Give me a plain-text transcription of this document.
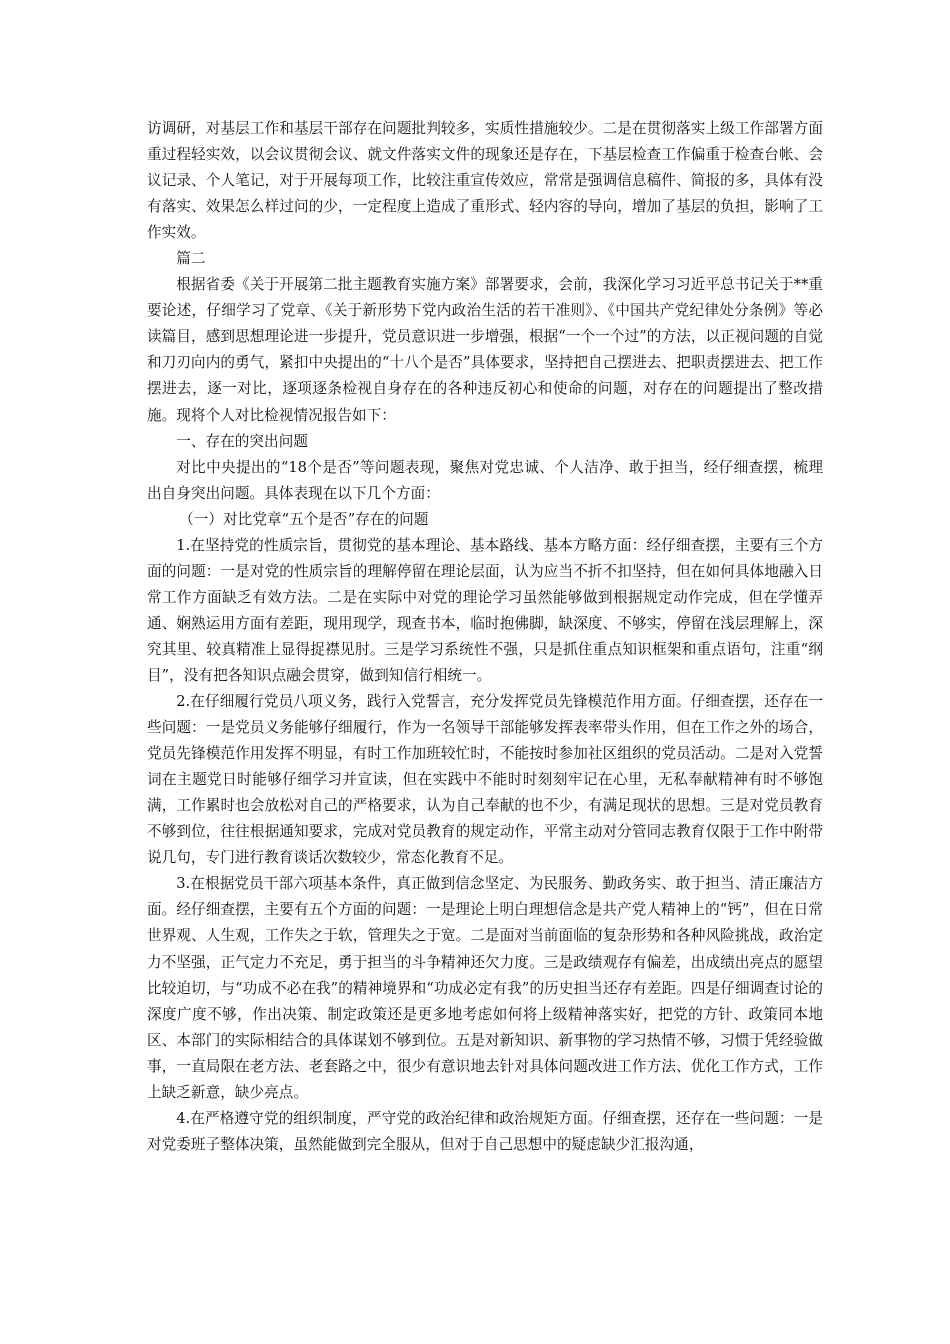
访调研，对基层工作和基层干部存在问题批判较多，实质性措施较少。二是在贯彻落实上级工作部署方面重过程轻实效，以会议贯彻会议、就文件落实文件的现象还是存在，下基层检查工作偏重于检查台帐、会议记录、个人笔记，对于开展每项工作，比较注重宣传效应，常常是强调信息稿件、简报的多，具体有没有落实、效果怎么样过问的少，一定程度上造成了重形式、轻内容的导向，增加了基层的负担，影响了工作实效。

篇二

根据省委《关于开展第二批主题教育实施方案》部署要求，会前，我深化学习习近平总书记关于**重要论述，仔细学习了党章、《关于新形势下党内政治生活的若干准则》、《中国共产党纪律处分条例》等必读篇目，感到思想理论进一步提升，党员意识进一步增强，根据“一个一个过”的方法，以正视问题的自觉和刀刃向内的勇气，紧扣中央提出的“十八个是否”具体要求，坚持把自己摆进去、把职责摆进去、把工作摆进去，逐一对比，逐项逐条检视自身存在的各种违反初心和使命的问题，对存在的问题提出了整改措施。现将个人对比检视情况报告如下：

一、存在的突出问题

对比中央提出的“18个是否”等问题表现，聚焦对党忠诚、个人洁净、敢于担当，经仔细查摆，梳理出自身突出问题。具体表现在以下几个方面：

（一）对比党章“五个是否”存在的问题

1.在坚持党的性质宗旨，贯彻党的基本理论、基本路线、基本方略方面：经仔细查摆，主要有三个方面的问题：一是对党的性质宗旨的理解停留在理论层面，认为应当不折不扣坚持，但在如何具体地融入日常工作方面缺乏有效方法。二是在实际中对党的理论学习虽然能够做到根据规定动作完成，但在学懂弄通、娴熟运用方面有差距，现用现学，现查书本，临时抱佛脚，缺深度、不够实，停留在浅层理解上，深究其里、较真精准上显得捉襟见肘。三是学习系统性不强，只是抓住重点知识框架和重点语句，注重“纲目”，没有把各知识点融会贯穿，做到知信行相统一。

2.在仔细履行党员八项义务，践行入党誓言，充分发挥党员先锋模范作用方面。仔细查摆，还存在一些问题：一是党员义务能够仔细履行，作为一名领导干部能够发挥表率带头作用，但在工作之外的场合，党员先锋模范作用发挥不明显，有时工作加班较忙时，不能按时参加社区组织的党员活动。二是对入党誓词在主题党日时能够仔细学习并宣读，但在实践中不能时时刻刻牢记在心里，无私奉献精神有时不够饱满，工作累时也会放松对自己的严格要求，认为自己奉献的也不少，有满足现状的思想。三是对党员教育不够到位，往往根据通知要求，完成对党员教育的规定动作，平常主动对分管同志教育仅限于工作中附带说几句，专门进行教育谈话次数较少，常态化教育不足。

3.在根据党员干部六项基本条件，真正做到信念坚定、为民服务、勤政务实、敢于担当、清正廉洁方面。经仔细查摆，主要有五个方面的问题：一是理论上明白理想信念是共产党人精神上的“钙”，但在日常世界观、人生观，工作失之于软，管理失之于宽。二是面对当前面临的复杂形势和各种风险挑战，政治定力不坚强，正气定力不充足，勇于担当的斗争精神还欠力度。三是政绩观存有偏差，出成绩出亮点的愿望比较迫切，与“功成不必在我”的精神境界和“功成必定有我”的历史担当还存有差距。四是仔细调查讨论的深度广度不够，作出决策、制定政策还是更多地考虑如何将上级精神落实好，把党的方针、政策同本地区、本部门的实际相结合的具体谋划不够到位。五是对新知识、新事物的学习热情不够，习惯于凭经验做事，一直局限在老方法、老套路之中，很少有意识地去针对具体问题改进工作方法、优化工作方式，工作上缺乏新意，缺少亮点。

4.在严格遵守党的组织制度，严守党的政治纪律和政治规矩方面。仔细查摆，还存在一些问题：一是对党委班子整体决策，虽然能做到完全服从，但对于自己思想中的疑虑缺少汇报沟通，
